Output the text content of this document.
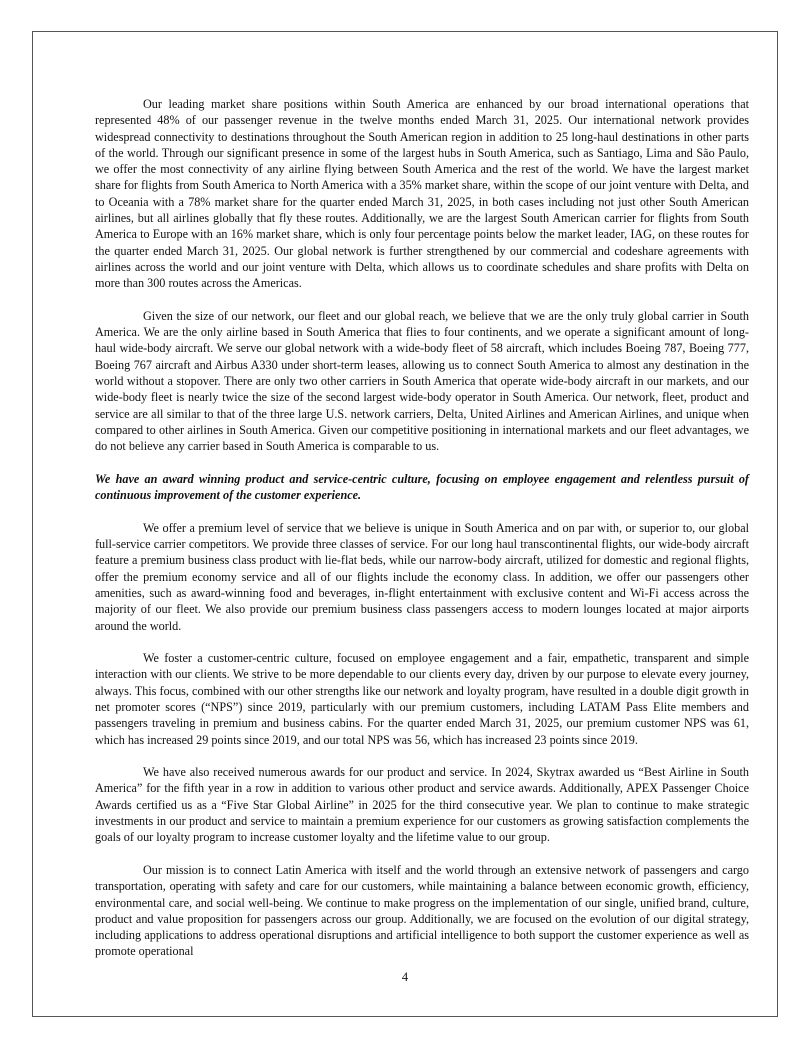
Our leading market share positions within South America are enhanced by our broad international operations that represented 48% of our passenger revenue in the twelve months ended March 31, 2025. Our international network provides widespread connectivity to destinations throughout the South American region in addition to 25 long-haul destinations in other parts of the world. Through our significant presence in some of the largest hubs in South America, such as Santiago, Lima and São Paulo, we offer the most connectivity of any airline flying between South America and the rest of the world. We have the largest market share for flights from South America to North America with a 35% market share, within the scope of our joint venture with Delta, and to Oceania with a 78% market share for the quarter ended March 31, 2025, in both cases including not just other South American airlines, but all airlines globally that fly these routes. Additionally, we are the largest South American carrier for flights from South America to Europe with an 16% market share, which is only four percentage points below the market leader, IAG, on these routes for the quarter ended March 31, 2025. Our global network is further strengthened by our commercial and codeshare agreements with airlines across the world and our joint venture with Delta, which allows us to coordinate schedules and share profits with Delta on more than 300 routes across the Americas.

Given the size of our network, our fleet and our global reach, we believe that we are the only truly global carrier in South America. We are the only airline based in South America that flies to four continents, and we operate a significant amount of long-haul wide-body aircraft. We serve our global network with a wide-body fleet of 58 aircraft, which includes Boeing 787, Boeing 777, Boeing 767 aircraft and Airbus A330 under short-term leases, allowing us to connect South America to almost any destination in the world without a stopover. There are only two other carriers in South America that operate wide-body aircraft in our markets, and our wide-body fleet is nearly twice the size of the second largest wide-body operator in South America. Our network, fleet, product and service are all similar to that of the three large U.S. network carriers, Delta, United Airlines and American Airlines, and unique when compared to other airlines in South America. Given our competitive positioning in international markets and our fleet advantages, we do not believe any carrier based in South America is comparable to us.

We have an award winning product and service-centric culture, focusing on employee engagement and relentless pursuit of continuous improvement of the customer experience.

We offer a premium level of service that we believe is unique in South America and on par with, or superior to, our global full-service carrier competitors. We provide three classes of service. For our long haul transcontinental flights, our wide-body aircraft feature a premium business class product with lie-flat beds, while our narrow-body aircraft, utilized for domestic and regional flights, offer the premium economy service and all of our flights include the economy class. In addition, we offer our passengers other amenities, such as award-winning food and beverages, in-flight entertainment with exclusive content and Wi-Fi access across the majority of our fleet. We also provide our premium business class passengers access to modern lounges located at major airports around the world.

We foster a customer-centric culture, focused on employee engagement and a fair, empathetic, transparent and simple interaction with our clients. We strive to be more dependable to our clients every day, driven by our purpose to elevate every journey, always. This focus, combined with our other strengths like our network and loyalty program, have resulted in a double digit growth in net promoter scores (“NPS”) since 2019, particularly with our premium customers, including LATAM Pass Elite members and passengers traveling in premium and business cabins. For the quarter ended March 31, 2025, our premium customer NPS was 61, which has increased 29 points since 2019, and our total NPS was 56, which has increased 23 points since 2019.

We have also received numerous awards for our product and service. In 2024, Skytrax awarded us “Best Airline in South America” for the fifth year in a row in addition to various other product and service awards. Additionally, APEX Passenger Choice Awards certified us as a “Five Star Global Airline” in 2025 for the third consecutive year. We plan to continue to make strategic investments in our product and service to maintain a premium experience for our customers as growing satisfaction complements the goals of our loyalty program to increase customer loyalty and the lifetime value to our group.

Our mission is to connect Latin America with itself and the world through an extensive network of passengers and cargo transportation, operating with safety and care for our customers, while maintaining a balance between economic growth, efficiency, environmental care, and social well-being. We continue to make progress on the implementation of our single, unified brand, culture, product and value proposition for passengers across our group. Additionally, we are focused on the evolution of our digital strategy, including applications to address operational disruptions and artificial intelligence to both support the customer experience as well as promote operational

4
